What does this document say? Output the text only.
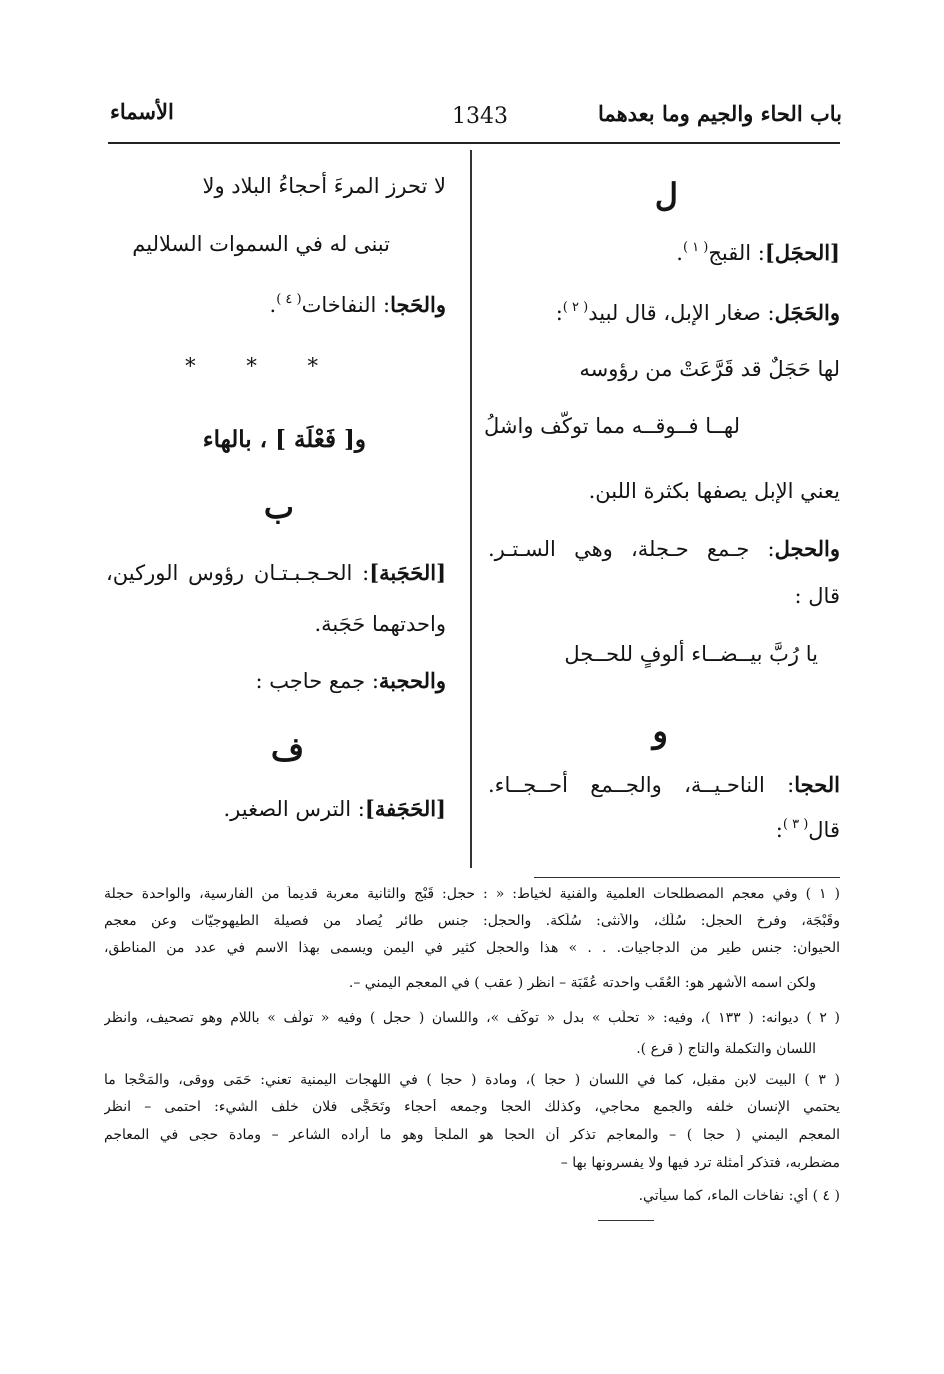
باب الحاء والجيم وما بعدهما
1343
الأسماء
ل
[الحجَل]: القبج$^{( ١ )}$.
والحَجَل: صغار الإبل، قال لبيد$^{( ٢ )}$:
لها حَجَلٌ قد قَرَّعَتْ من رؤوسه
لهــا فــوقــه مما توكّف واشلُ
يعني الإبل يصفها بكثرة اللبن.
والحجل: جـمع حـجلة، وهي السـتـر.
قال :
يا رُبَّ بيــضــاء ألوفٍ للحــجل
و
الحجا: الناحـيــة، والجــمع أحــجــاء.
قال$^{( ٣ )}$:
لا تحرز المرءَ أحجاءُ البلاد ولا
تبنى له في السموات السلاليم
والحَجا: النفاخات$^{( ٤ )}$.
* * *
و[ فَعْلَة ] ، بالهاء
ب
[الحَجَبة]: الحـجـبـتـان رؤوس الوركين،
واحدتهما حَجَبة.
والحجبة: جمع حاجب :
ف
[الحَجَفة]: الترس الصغير.
( ١ ) وفي معجم المصطلحات العلمية والفنية لخياط: « : حجل: قَبْج والثانية معربة قديماً من الفارسية، والواحدة حجلة
وقَبْجَة، وفرخ الحجل: سُلَك، والأنثى: سُلَكة. والحجل: جنس طائر يُصاد من فصيلة الطيهوجيّات وعن معجم
الحيوان: جنس طير من الدجاجيات. . . » هذا والحجل كثير في اليمن ويسمى بهذا الاسم في عدد من المناطق،
ولكن اسمه الأشهر هو: العُقَب واحدته عُقَبَة – انظر ( عقب ) في المعجم اليمني –.
( ٢ ) ديوانه: ( ١٣٣ )، وفيه: « تحلّب » بدل « توكّف »، واللسان ( حجل ) وفيه « تولّف » باللام وهو تصحيف، وانظر
اللسان والتكملة والتاج ( قرع ).
( ٣ ) البيت لابن مقبل، كما في اللسان ( حجا )، ومادة ( حجا ) في اللهجات اليمنية تعني: حَمَى ووقى، والمَحْجا ما
يحتمي الإنسان خلفه والجمع محاجي، وكذلك الحجا وجمعه أحجاء وتَحَجَّى فلان خلف الشيء: احتمى – انظر
المعجم اليمني ( حجا ) – والمعاجم تذكر أن الحجا هو الملجأ وهو ما أراده الشاعر – ومادة حجى في المعاجم
مضطربه، فتذكر أمثلة ترد فيها ولا يفسرونها بها –
( ٤ ) أي: نفاخات الماء، كما سيأتي.
